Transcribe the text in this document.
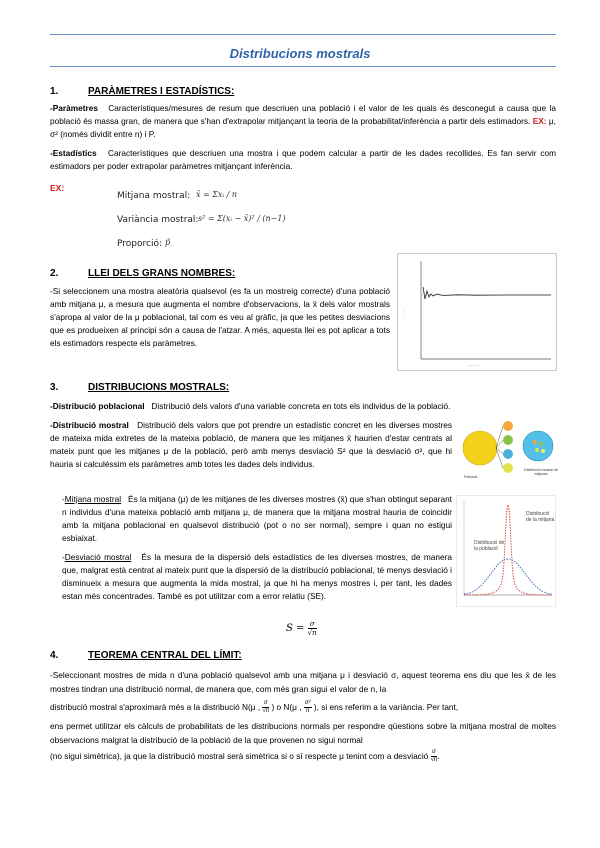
Distribucions mostrals
1.	PARÀMETRES I ESTADÍSTICS:

-Paràmetres Característiques/mesures de resum que descriuen una població i el valor de les quals és desconegut a causa que la població és massa gran, de manera que s'han d'extrapolar mitjançant la teoria de la probabilitat/inferència a partir dels estimadors. EX: μ, σ² (només dividit entre n) i P.

-Estadístics Característiques que descriuen una mostra i que podem calcular a partir de les dades recollides. Es fan servir com estimadors per poder extrapolar paràmetres mitjançant inferència.

EX:
Mitjana mostral: x̄ = Σxᵢ / n
Variància mostral: s² = Σ(xᵢ − x̄)² / (n−1)
Proporció: p̂
2.	LLEI DELS GRANS NOMBRES:

-Si seleccionem una mostra aleatòria qualsevol (es fa un mostreig correcte) d'una població amb mitjana μ, a mesura que augmenta el nombre d'observacions, la x̄ dels valor mostrals s'apropa al valor de la μ poblacional, tal com es veu al gràfic, ja que les petites desviacions que es produeixen al principi són a causa de l'atzar. A més, aquesta llei es pot aplicar a tots els estimadors respecte els paràmetres.

········
··········
3.	DISTRIBUCIONS MOSTRALS:

-Distribució poblacional Distribució dels valors d'una variable concreta en tots els individus de la població.

-Distribució mostral Distribució dels valors que pot prendre un estadístic concret en les diverses mostres de mateixa mida extretes de la mateixa població, de manera que les mitjanes x̄ haurien d'estar centrats al mateix punt que les mitjanes μ de la població, però amb menys desviació S² que la desviació σ², que hi hauria si calculéssim els paràmetres amb totes les dades dels individus.

Població
Distribució mostral de mitjanes

-Mitjana mostral És la mitjana (μ) de les mitjanes de les diverses mostres (x̄) que s'han obtingut separant n individus d'una mateixa població amb mitjana μ, de manera que la mitjana mostral hauria de coincidir amb la mitjana poblacional en qualsevol distribució (pot o no ser normal), sempre i quan no estigui esbiaixat.

-Desviació mostral És la mesura de la dispersió dels estadístics de les diverses mostres, de manera que, malgrat està centrat al mateix punt que la dispersió de la distribució poblacional, té menys desviació i disminueix a mesura que augmenta la mida mostral, ja que hi ha menys mostres i, per tant, les dades estan més concentrades. També es pot utilitzar com a error relatiu (SE).

···
Distribució de la mitjana
Distribució de la població
$S = \frac{\sigma}{√n}$
4.	TEOREMA CENTRAL DEL LÍMIT:

-Seleccionant mostres de mida n d'una població qualsevol amb una mitjana μ i desviació σ, aquest teorema ens diu que les x̄ de les mostres tindran una distribució normal, de manera que, com més gran sigui el valor de n, la

distribució mostral s'aproximarà més a la distribució N(μ , $\frac{\sigma}{√n}$ ) o N(μ , $\frac{\text{σ²}}{n}$ ), si ens referim a la variància. Per tant,

ens permet utilitzar els càlculs de probabilitats de les distribucions normals per respondre qüestions sobre la mitjana mostral de moltes observacions malgrat la distribució de la població de la que provenen no sigui normal

(no sigui simètrica), ja que la distribució mostral serà simètrica si o sí respecte μ tenint com a desviació $\frac{\sigma}{√n}$ .
